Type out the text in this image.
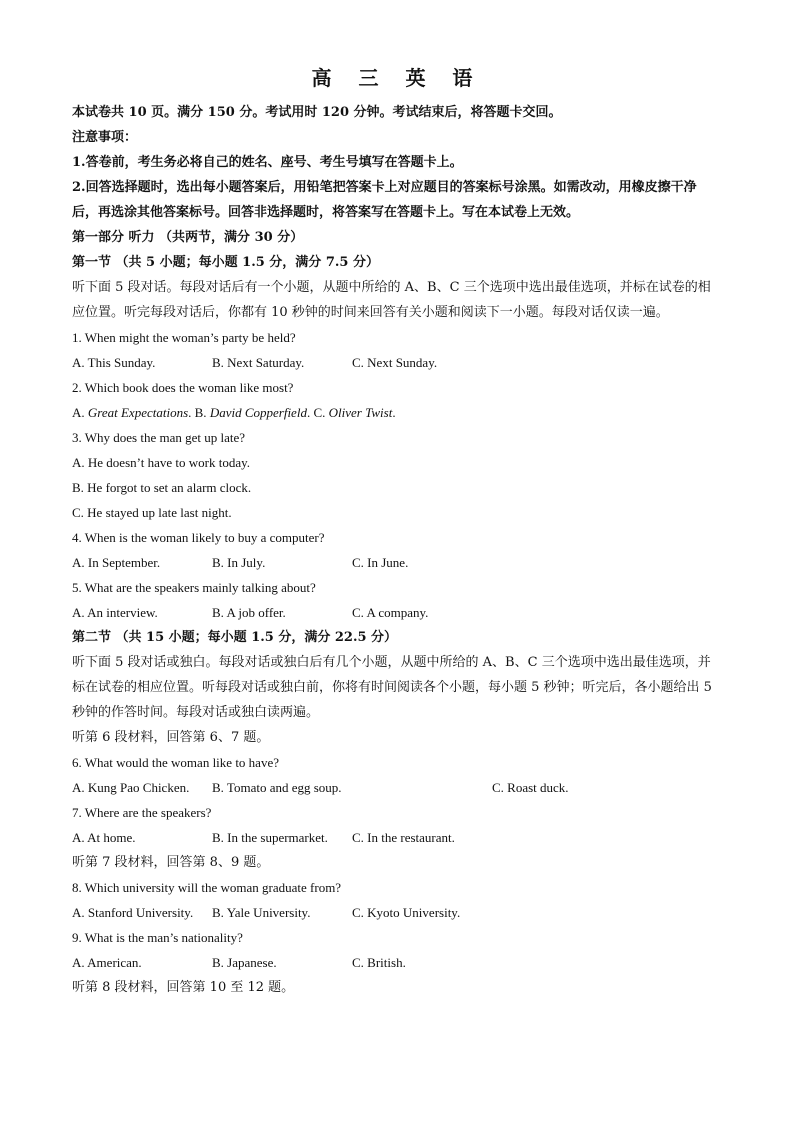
高 三 英 语
本试卷共 10 页。满分 150 分。考试用时 120 分钟。考试结束后，将答题卡交回。
注意事项：
1.答卷前，考生务必将自己的姓名、座号、考生号填写在答题卡上。
2.回答选择题时，选出每小题答案后，用铅笔把答案卡上对应题目的答案标号涂黑。如需改动，用橡皮擦干净后，再选涂其他答案标号。回答非选择题时，将答案写在答题卡上。写在本试卷上无效。
第一部分 听力 （共两节，满分 30 分）
第一节 （共 5 小题；每小题 1.5 分，满分 7.5 分）
听下面 5 段对话。每段对话后有一个小题，从题中所给的 A、B、C 三个选项中选出最佳选项，并标在试卷的相应位置。听完每段对话后，你都有 10 秒钟的时间来回答有关小题和阅读下一小题。每段对话仅读一遍。
1. When might the woman’s party be held?
A. This Sunday.	B. Next Saturday.	C. Next Sunday.
2. Which book does the woman like most?
A. Great Expectations. B. David Copperfield. C. Oliver Twist.
3. Why does the man get up late?
A. He doesn’t have to work today.
B. He forgot to set an alarm clock.
C. He stayed up late last night.
4. When is the woman likely to buy a computer?
A. In September.	B. In July.	C. In June.
5. What are the speakers mainly talking about?
A. An interview.	B. A job offer.	C. A company.
第二节 （共 15 小题；每小题 1.5 分，满分 22.5 分）
听下面 5 段对话或独白。每段对话或独白后有几个小题，从题中所给的 A、B、C 三个选项中选出最佳选项，并标在试卷的相应位置。听每段对话或独白前，你将有时间阅读各个小题，每小题 5 秒钟；听完后，各小题给出 5 秒钟的作答时间。每段对话或独白读两遍。
听第 6 段材料，回答第 6、7 题。
6. What would the woman like to have?
A. Kung Pao Chicken.	B. Tomato and egg soup.	C. Roast duck.
7. Where are the speakers?
A. At home.	B. In the supermarket.	C. In the restaurant.
听第 7 段材料，回答第 8、9 题。
8. Which university will the woman graduate from?
A. Stanford University.	B. Yale University.	C. Kyoto University.
9. What is the man’s nationality?
A. American.	B. Japanese.	C. British.
听第 8 段材料，回答第 10 至 12 题。
